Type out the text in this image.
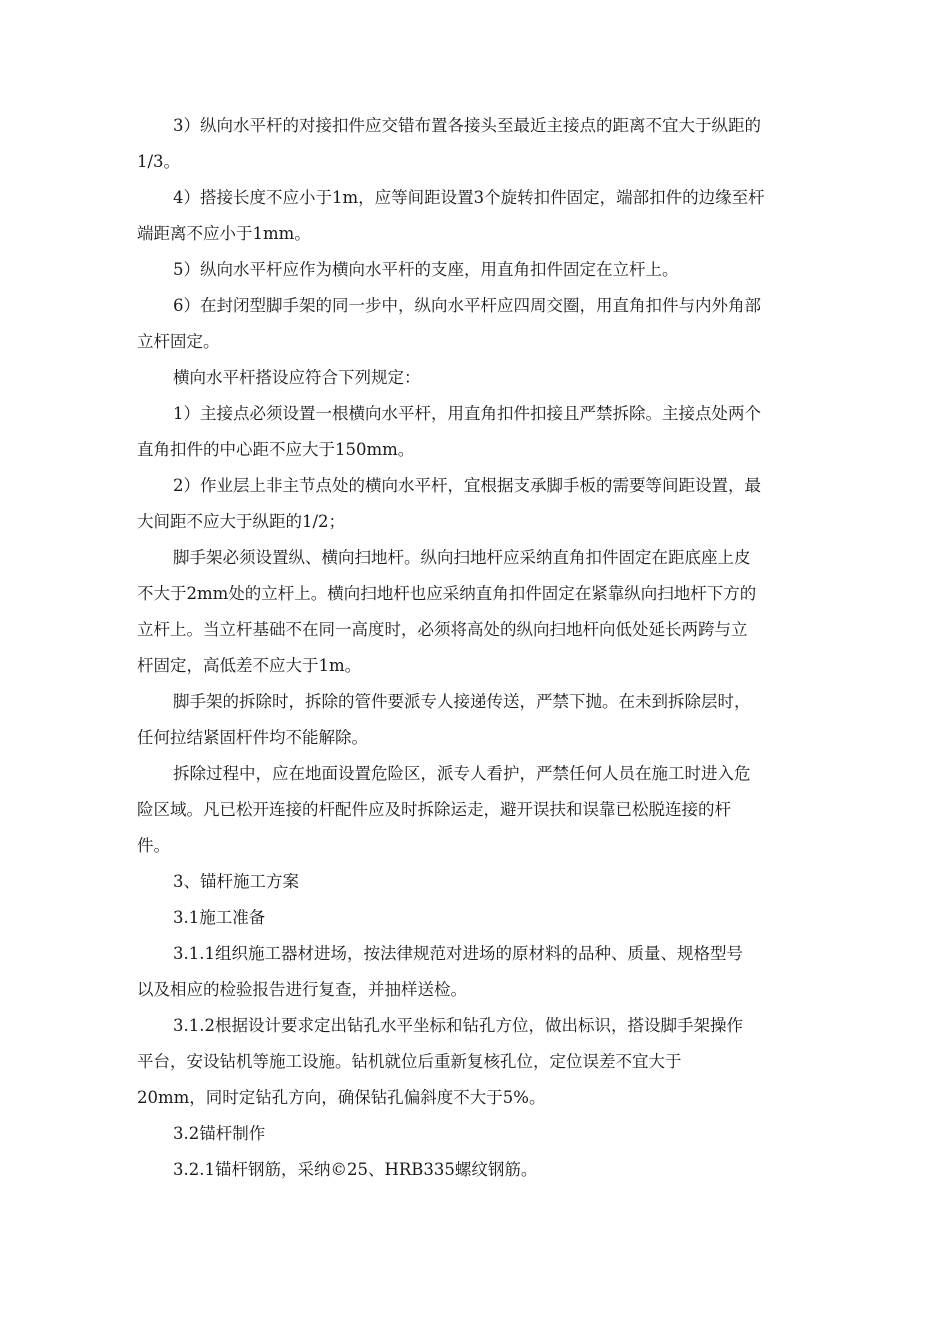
3）纵向水平杆的对接扣件应交错布置各接头至最近主接点的距离不宜大于纵距的
1/3。
4）搭接长度不应小于1m，应等间距设置3个旋转扣件固定，端部扣件的边缘至杆
端距离不应小于1mm。
5）纵向水平杆应作为横向水平杆的支座，用直角扣件固定在立杆上。
6）在封闭型脚手架的同一步中，纵向水平杆应四周交圈，用直角扣件与内外角部
立杆固定。
横向水平杆搭设应符合下列规定：
1）主接点必须设置一根横向水平杆，用直角扣件扣接且严禁拆除。主接点处两个
直角扣件的中心距不应大于150mm。
2）作业层上非主节点处的横向水平杆，宜根据支承脚手板的需要等间距设置，最
大间距不应大于纵距的1/2；
脚手架必须设置纵、横向扫地杆。纵向扫地杆应采纳直角扣件固定在距底座上皮
不大于2mm处的立杆上。横向扫地杆也应采纳直角扣件固定在紧靠纵向扫地杆下方的
立杆上。当立杆基础不在同一高度时，必须将高处的纵向扫地杆向低处延长两跨与立
杆固定，高低差不应大于1m。
脚手架的拆除时，拆除的管件要派专人接递传送，严禁下抛。在未到拆除层时，
任何拉结紧固杆件均不能解除。
拆除过程中，应在地面设置危险区，派专人看护，严禁任何人员在施工时进入危
险区域。凡已松开连接的杆配件应及时拆除运走，避开误扶和误靠已松脱连接的杆
件。
3、锚杆施工方案
3.1施工准备
3.1.1组织施工器材进场，按法律规范对进场的原材料的品种、质量、规格型号
以及相应的检验报告进行复查，并抽样送检。
3.1.2根据设计要求定出钻孔水平坐标和钻孔方位，做出标识，搭设脚手架操作
平台，安设钻机等施工设施。钻机就位后重新复核孔位，定位误差不宜大于
20mm，同时定钻孔方向，确保钻孔偏斜度不大于5%。
3.2锚杆制作
3.2.1锚杆钢筋，采纳©25、HRB335螺纹钢筋。
